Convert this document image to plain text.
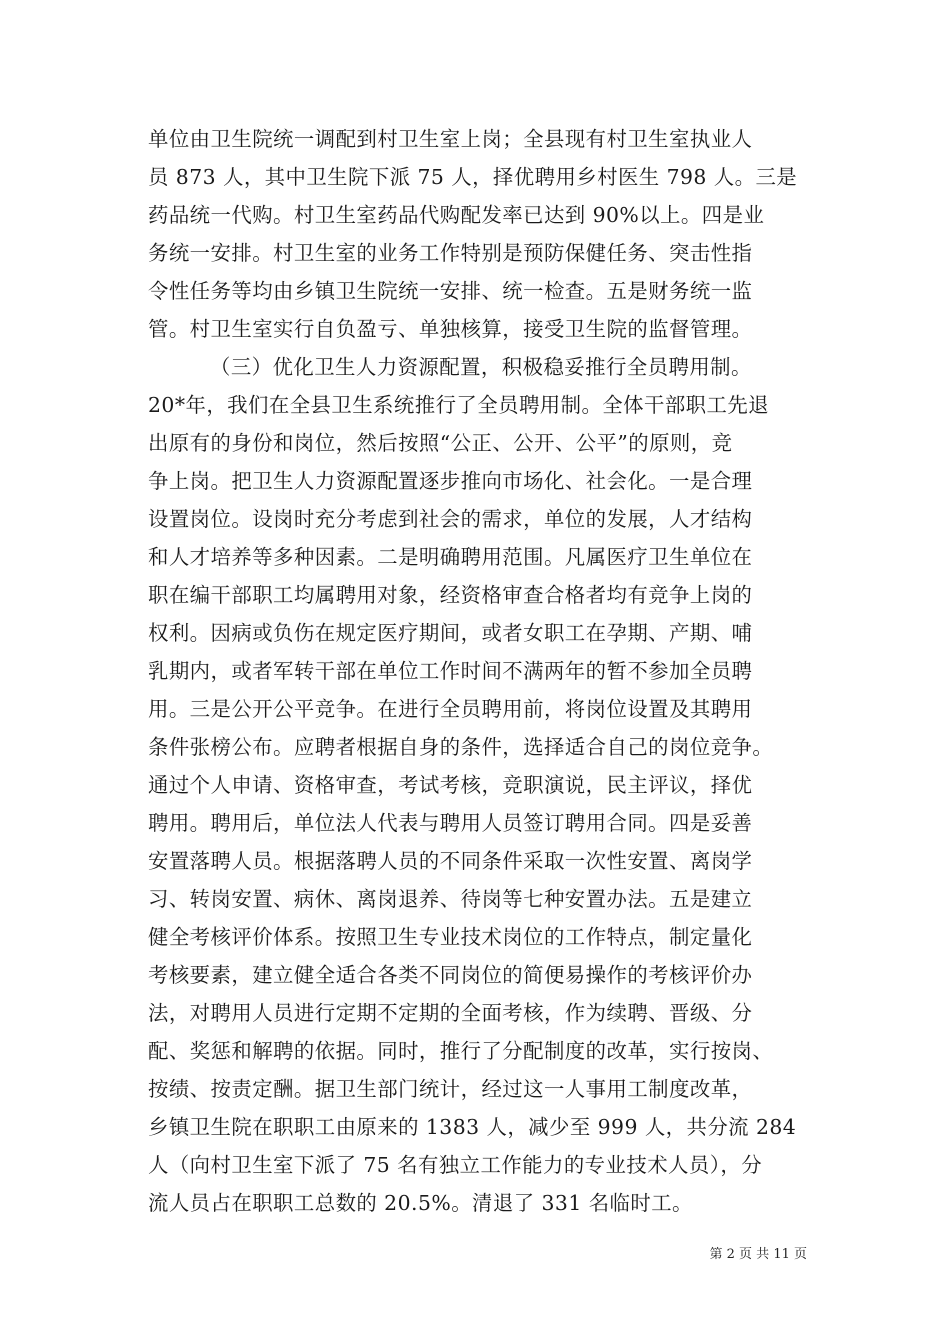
单位由卫生院统一调配到村卫生室上岗；全县现有村卫生室执业人
员 873 人，其中卫生院下派 75 人，择优聘用乡村医生 798 人。三是
药品统一代购。村卫生室药品代购配发率已达到 90%以上。四是业
务统一安排。村卫生室的业务工作特别是预防保健任务、突击性指
令性任务等均由乡镇卫生院统一安排、统一检查。五是财务统一监
管。村卫生室实行自负盈亏、单独核算，接受卫生院的监督管理。
（三）优化卫生人力资源配置，积极稳妥推行全员聘用制。
20*年，我们在全县卫生系统推行了全员聘用制。全体干部职工先退
出原有的身份和岗位，然后按照“公正、公开、公平”的原则，竞
争上岗。把卫生人力资源配置逐步推向市场化、社会化。一是合理
设置岗位。设岗时充分考虑到社会的需求，单位的发展，人才结构
和人才培养等多种因素。二是明确聘用范围。凡属医疗卫生单位在
职在编干部职工均属聘用对象，经资格审查合格者均有竞争上岗的
权利。因病或负伤在规定医疗期间，或者女职工在孕期、产期、哺
乳期内，或者军转干部在单位工作时间不满两年的暂不参加全员聘
用。三是公开公平竞争。在进行全员聘用前，将岗位设置及其聘用
条件张榜公布。应聘者根据自身的条件，选择适合自己的岗位竞争。
通过个人申请、资格审查，考试考核，竞职演说，民主评议，择优
聘用。聘用后，单位法人代表与聘用人员签订聘用合同。四是妥善
安置落聘人员。根据落聘人员的不同条件采取一次性安置、离岗学
习、转岗安置、病休、离岗退养、待岗等七种安置办法。五是建立
健全考核评价体系。按照卫生专业技术岗位的工作特点，制定量化
考核要素，建立健全适合各类不同岗位的简便易操作的考核评价办
法，对聘用人员进行定期不定期的全面考核，作为续聘、晋级、分
配、奖惩和解聘的依据。同时，推行了分配制度的改革，实行按岗、
按绩、按责定酬。据卫生部门统计，经过这一人事用工制度改革，
乡镇卫生院在职职工由原来的 1383 人，减少至 999 人，共分流 284
人（向村卫生室下派了 75 名有独立工作能力的专业技术人员），分
流人员占在职职工总数的 20.5%。清退了 331 名临时工。
第 2 页 共 11 页
